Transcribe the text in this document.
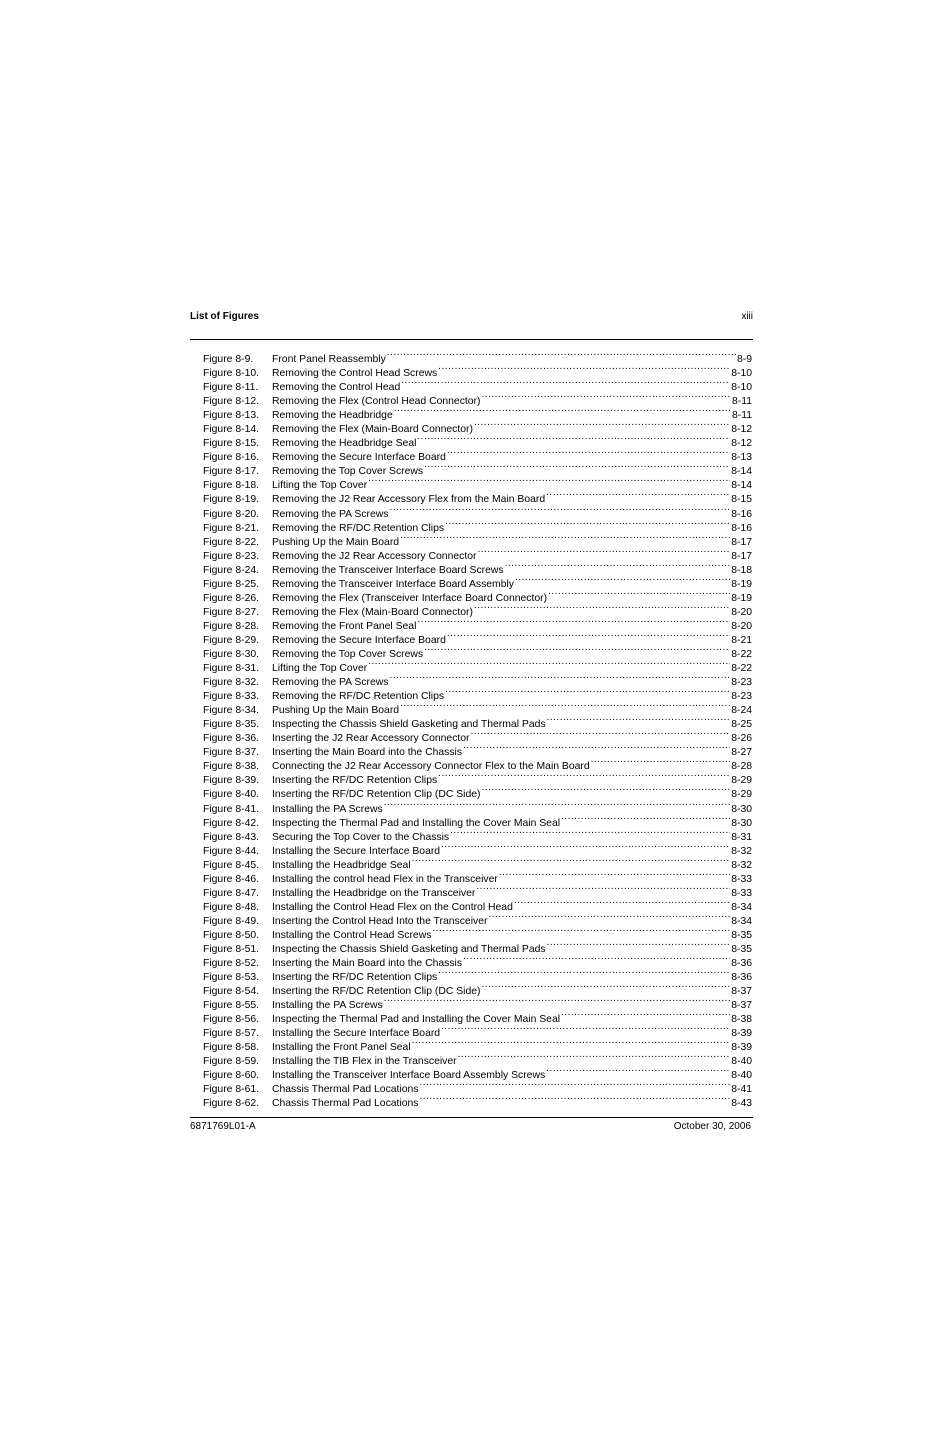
List of Figures	xiii
Figure 8-9.	Front Panel Reassembly .....	8-9
Figure 8-10.	Removing the Control Head Screws .....	8-10
Figure 8-11.	Removing the Control Head .....	8-10
Figure 8-12.	Removing the Flex (Control Head Connector) .....	8-11
Figure 8-13.	Removing the Headbridge .....	8-11
Figure 8-14.	Removing the Flex (Main-Board Connector) .....	8-12
Figure 8-15.	Removing the Headbridge Seal .....	8-12
Figure 8-16.	Removing the Secure Interface Board .....	8-13
Figure 8-17.	Removing the Top Cover Screws .....	8-14
Figure 8-18.	Lifting the Top Cover .....	8-14
Figure 8-19.	Removing the J2 Rear Accessory Flex from the Main Board .....	8-15
Figure 8-20.	Removing the PA Screws .....	8-16
Figure 8-21.	Removing the RF/DC Retention Clips .....	8-16
Figure 8-22.	Pushing Up the Main Board .....	8-17
Figure 8-23.	Removing the J2 Rear Accessory Connector .....	8-17
Figure 8-24.	Removing the Transceiver Interface Board Screws .....	8-18
Figure 8-25.	Removing the Transceiver Interface Board Assembly .....	8-19
Figure 8-26.	Removing the Flex (Transceiver Interface Board Connector) .....	8-19
Figure 8-27.	Removing the Flex (Main-Board Connector) .....	8-20
Figure 8-28.	Removing the Front Panel Seal .....	8-20
Figure 8-29.	Removing the Secure Interface Board .....	8-21
Figure 8-30.	Removing the Top Cover Screws .....	8-22
Figure 8-31.	Lifting the Top Cover .....	8-22
Figure 8-32.	Removing the PA Screws .....	8-23
Figure 8-33.	Removing the RF/DC Retention Clips .....	8-23
Figure 8-34.	Pushing Up the Main Board .....	8-24
Figure 8-35.	Inspecting the Chassis Shield Gasketing and Thermal Pads .....	8-25
Figure 8-36.	Inserting the J2 Rear Accessory Connector .....	8-26
Figure 8-37.	Inserting the Main Board into the Chassis .....	8-27
Figure 8-38.	Connecting the J2 Rear Accessory Connector Flex to the Main Board .....	8-28
Figure 8-39.	Inserting the RF/DC Retention Clips .....	8-29
Figure 8-40.	Inserting the RF/DC Retention Clip (DC Side) .....	8-29
Figure 8-41.	Installing the PA Screws .....	8-30
Figure 8-42.	Inspecting the Thermal Pad and Installing the Cover Main Seal .....	8-30
Figure 8-43.	Securing the Top Cover to the Chassis .....	8-31
Figure 8-44.	Installing the Secure Interface Board .....	8-32
Figure 8-45.	Installing the Headbridge Seal .....	8-32
Figure 8-46.	Installing the control head Flex in the Transceiver .....	8-33
Figure 8-47.	Installing the Headbridge on the Transceiver .....	8-33
Figure 8-48.	Installing the Control Head Flex on the Control Head .....	8-34
Figure 8-49.	Inserting the Control Head Into the Transceiver .....	8-34
Figure 8-50.	Installing the Control Head Screws .....	8-35
Figure 8-51.	Inspecting the Chassis Shield Gasketing and Thermal Pads .....	8-35
Figure 8-52.	Inserting the Main Board into the Chassis .....	8-36
Figure 8-53.	Inserting the RF/DC Retention Clips .....	8-36
Figure 8-54.	Inserting the RF/DC Retention Clip (DC Side) .....	8-37
Figure 8-55.	Installing the PA Screws .....	8-37
Figure 8-56.	Inspecting the Thermal Pad and Installing the Cover Main Seal .....	8-38
Figure 8-57.	Installing the Secure Interface Board .....	8-39
Figure 8-58.	Installing the Front Panel Seal .....	8-39
Figure 8-59.	Installing the TIB Flex in the Transceiver .....	8-40
Figure 8-60.	Installing the Transceiver Interface Board Assembly Screws .....	8-40
Figure 8-61.	Chassis Thermal Pad Locations .....	8-41
Figure 8-62.	Chassis Thermal Pad Locations .....	8-43
6871769L01-A	October 30, 2006
